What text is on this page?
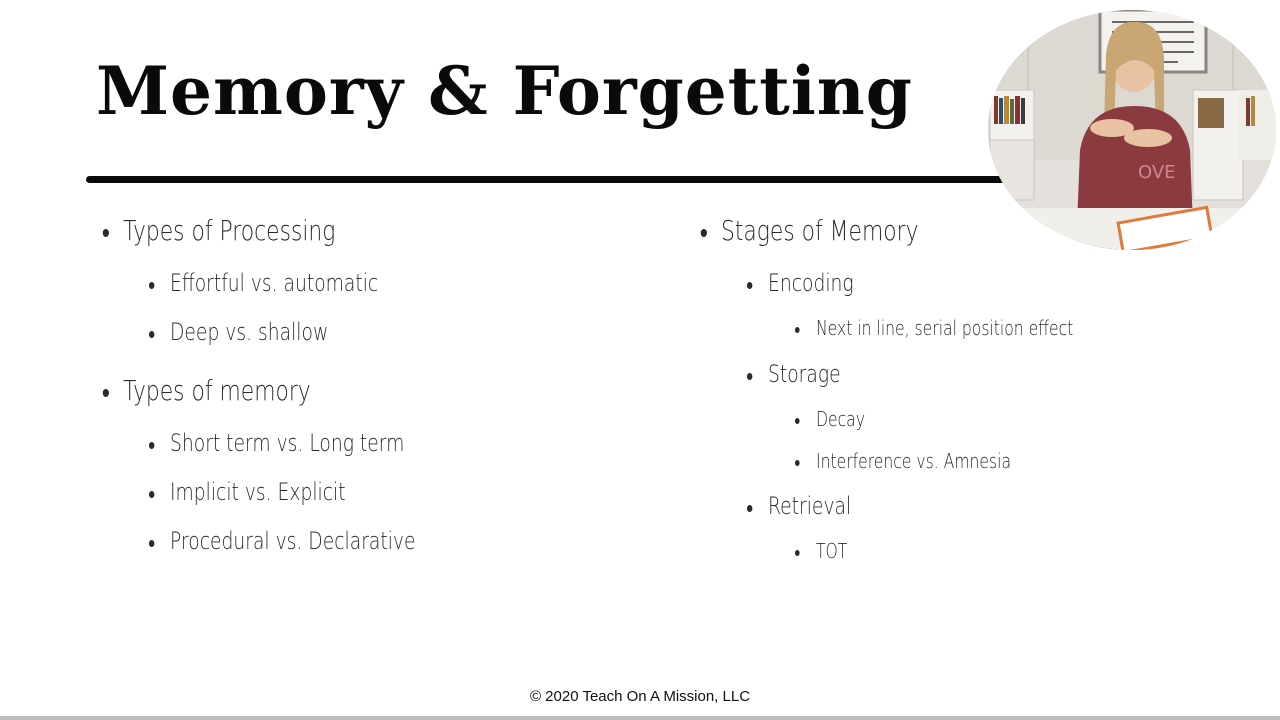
Memory & Forgetting
Types of Processing
Effortful vs. automatic
Deep vs. shallow
Types of memory
Short term vs. Long term
Implicit vs. Explicit
Procedural vs. Declarative
Stages of Memory
Encoding
Next in line, serial position effect
Storage
Decay
Interference vs. Amnesia
Retrieval
TOT
OVE
© 2020 Teach On A Mission, LLC
